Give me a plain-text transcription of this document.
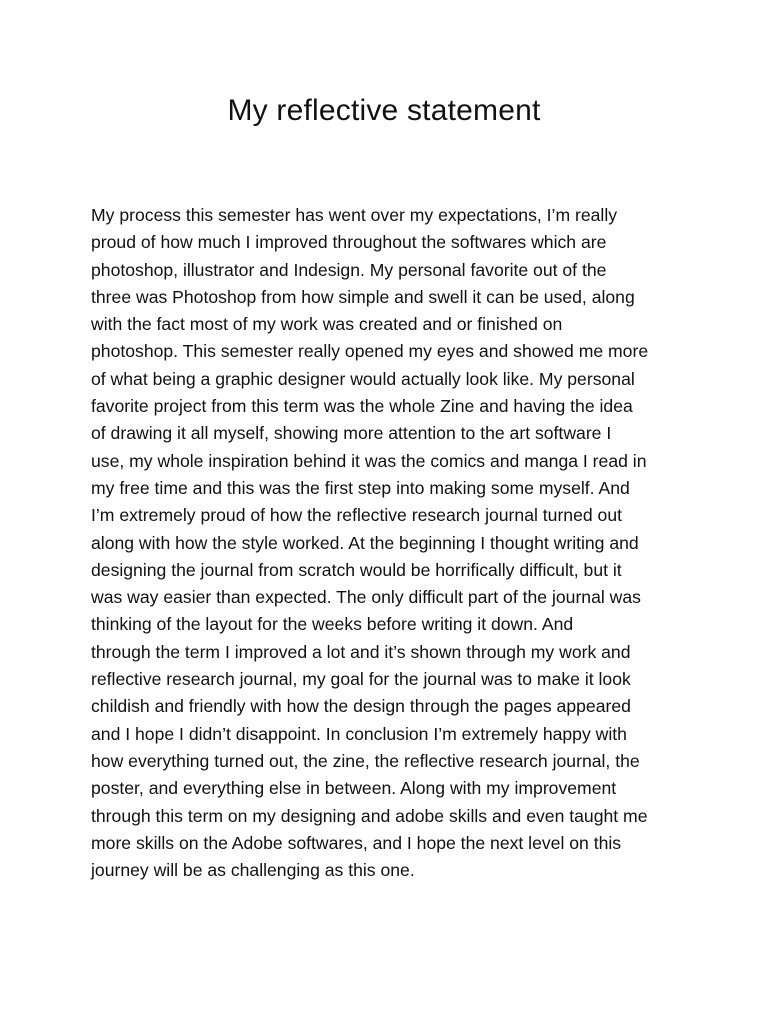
My reflective statement
My process this semester has went over my expectations, I’m really
proud of how much I improved throughout the softwares which are
photoshop, illustrator and Indesign. My personal favorite out of the
three was Photoshop from how simple and swell it can be used, along
with the fact most of my work was created and or finished on
photoshop. This semester really opened my eyes and showed me more
of what being a graphic designer would actually look like. My personal
favorite project from this term was the whole Zine and having the idea
of drawing it all myself, showing more attention to the art software I
use, my whole inspiration behind it was the comics and manga I read in
my free time and this was the first step into making some myself. And
I’m extremely proud of how the reflective research journal turned out
along with how the style worked. At the beginning I thought writing and
designing the journal from scratch would be horrifically difficult, but it
was way easier than expected. The only difficult part of the journal was
thinking of the layout for the weeks before writing it down. And
through the term I improved a lot and it’s shown through my work and
reflective research journal, my goal for the journal was to make it look
childish and friendly with how the design through the pages appeared
and I hope I didn’t disappoint. In conclusion I’m extremely happy with
how everything turned out, the zine, the reflective research journal, the
poster, and everything else in between. Along with my improvement
through this term on my designing and adobe skills and even taught me
more skills on the Adobe softwares, and I hope the next level on this
journey will be as challenging as this one.
